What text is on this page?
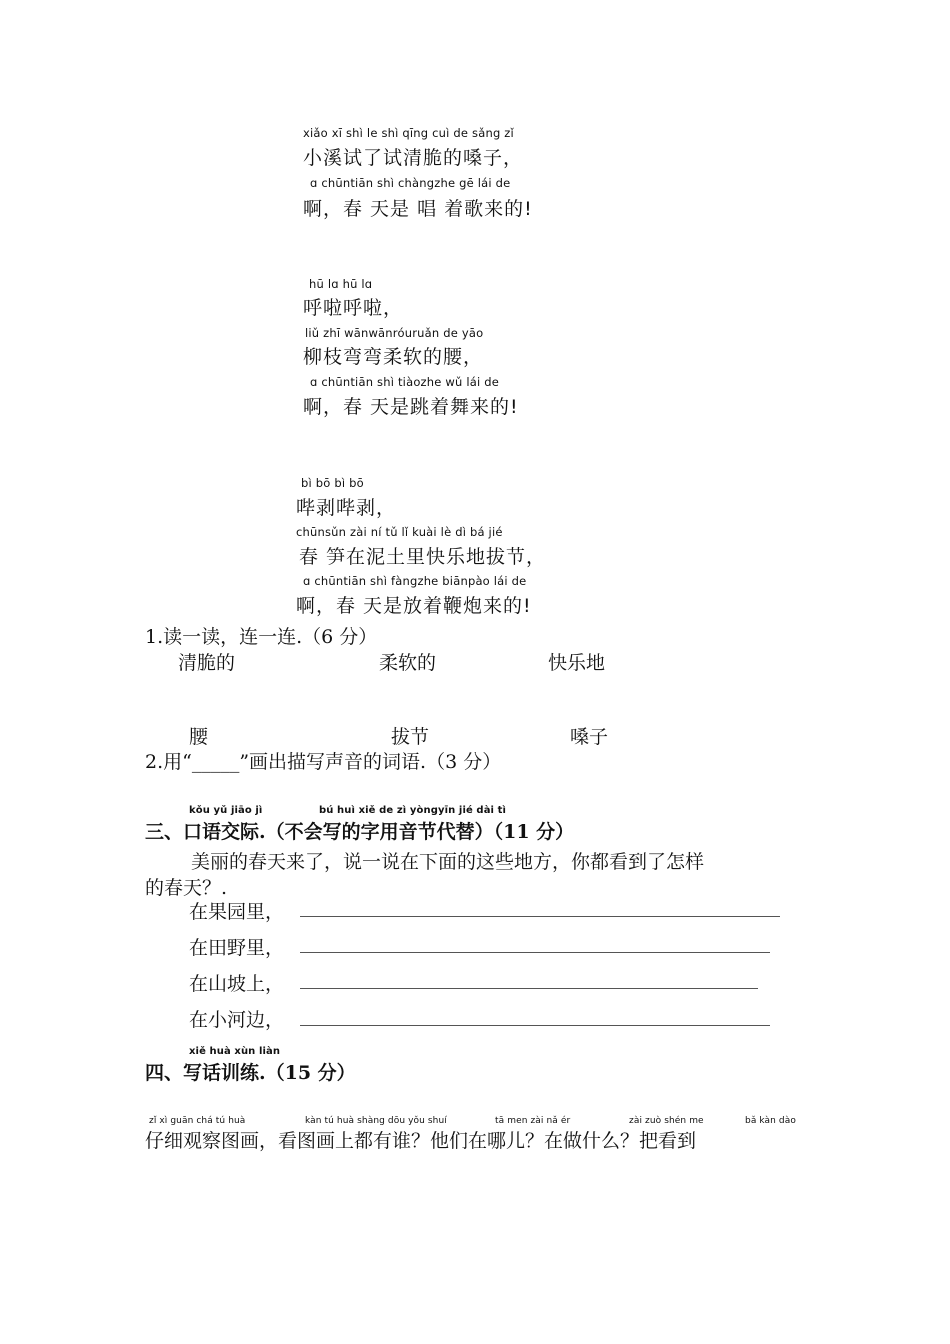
xiǎo xī shì le shì qīng cuì de sǎng zǐ
小溪试了试清脆的嗓子，
ɑ chūntiān shì chàngzhe gē lái de
啊，春 天是 唱 着歌来的!
hū lɑ hū lɑ
呼啦呼啦，
liǔ zhī wānwānróuruǎn de yāo
柳枝弯弯柔软的腰，
ɑ chūntiān shì tiàozhe wǔ lái de
啊，春 天是跳着舞来的!
bì bō bì bō
哔剥哔剥，
chūnsǔn zài ní tǔ lǐ kuài lè dì bá jié
春 笋在泥土里快乐地拔节，
ɑ chūntiān shì fàngzhe biānpào lái de
啊，春 天是放着鞭炮来的!
1.读一读，连一连.（6 分）
清脆的	柔软的	快乐地
腰	拔节	嗓子
2.用“_____”画出描写声音的词语.（3 分）
kǒu yǔ jiāo jì	bú huì xiě de zì yòngyīn jié dài tì
三、口语交际.（不会写的字用音节代替）（11 分）
美丽的春天来了，说一说在下面的这些地方，你都看到了怎样
的春天？.
在果园里，
在田野里，
在山坡上，
在小河边，
xiě huà xùn liàn
四、写话训练.（15 分）
zǐ xì guān chá tú huà	kàn tú huà shàng dōu yǒu shuí	tā men zài nǎ ér	zài zuò shén me	bǎ kàn dào
仔细观察图画，看图画上都有谁？他们在哪儿？在做什么？把看到
